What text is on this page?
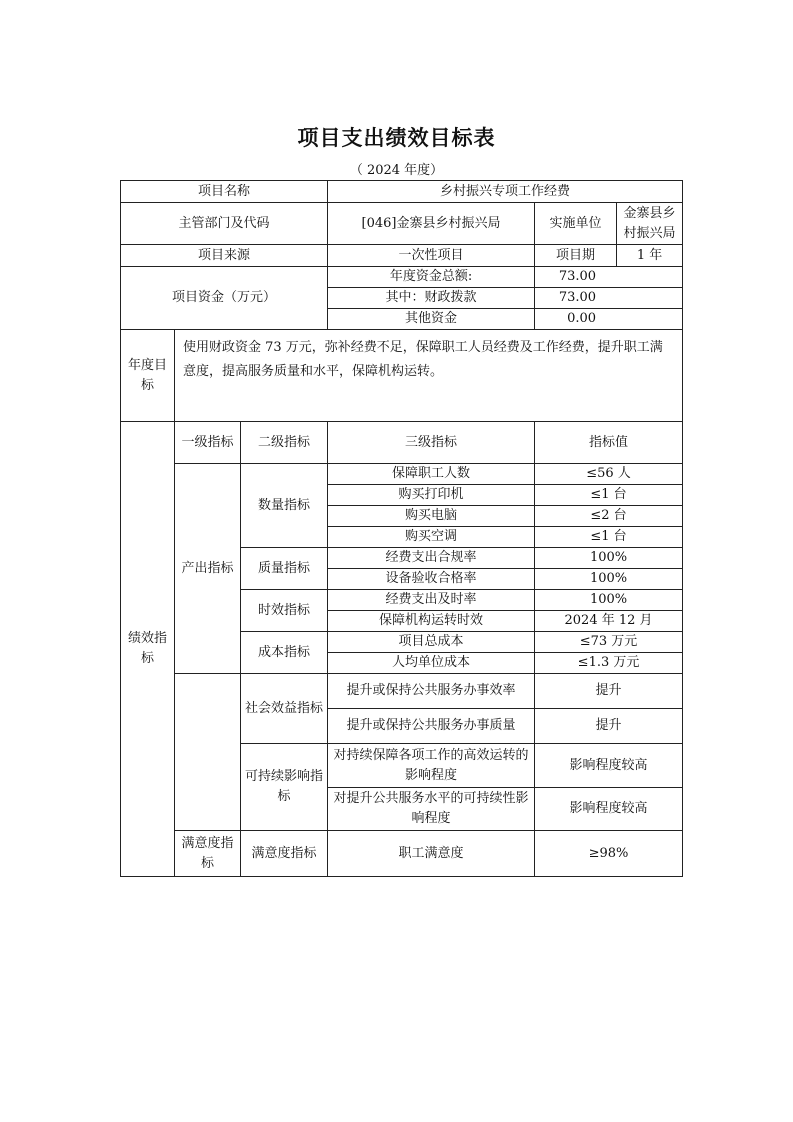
项目支出绩效目标表
（ 2024 年度）
项目名称			乡村振兴专项工作经费		
主管部门及代码			[046]金寨县乡村振兴局	实施单位	金寨县乡村振兴局
项目来源			一次性项目	项目期	1 年
项目资金（万元）			年度资金总额:	73.00	
			其中：财政拨款	73.00	
			其他资金	0.00	
年度目标	使用财政资金 73 万元，弥补经费不足，保障职工人员经费及工作经费，提升职工满意度，提高服务质量和水平，保障机构运转。				
绩效指标	一级指标	二级指标	三级指标	指标值	
	产出指标	数量指标	保障职工人数	≤56 人	
			购买打印机	≤1 台	
			购买电脑	≤2 台	
			购买空调	≤1 台	
		质量指标	经费支出合规率	100%	
			设备验收合格率	100%	
		时效指标	经费支出及时率	100%	
			保障机构运转时效	2024 年 12 月	
		成本指标	项目总成本	≤73 万元	
			人均单位成本	≤1.3 万元	
		社会效益指标	提升或保持公共服务办事效率	提升	
			提升或保持公共服务办事质量	提升	
		可持续影响指标	对持续保障各项工作的高效运转的影响程度	影响程度较高	
			对提升公共服务水平的可持续性影响程度	影响程度较高	
	满意度指标	满意度指标	职工满意度	≥98%	
